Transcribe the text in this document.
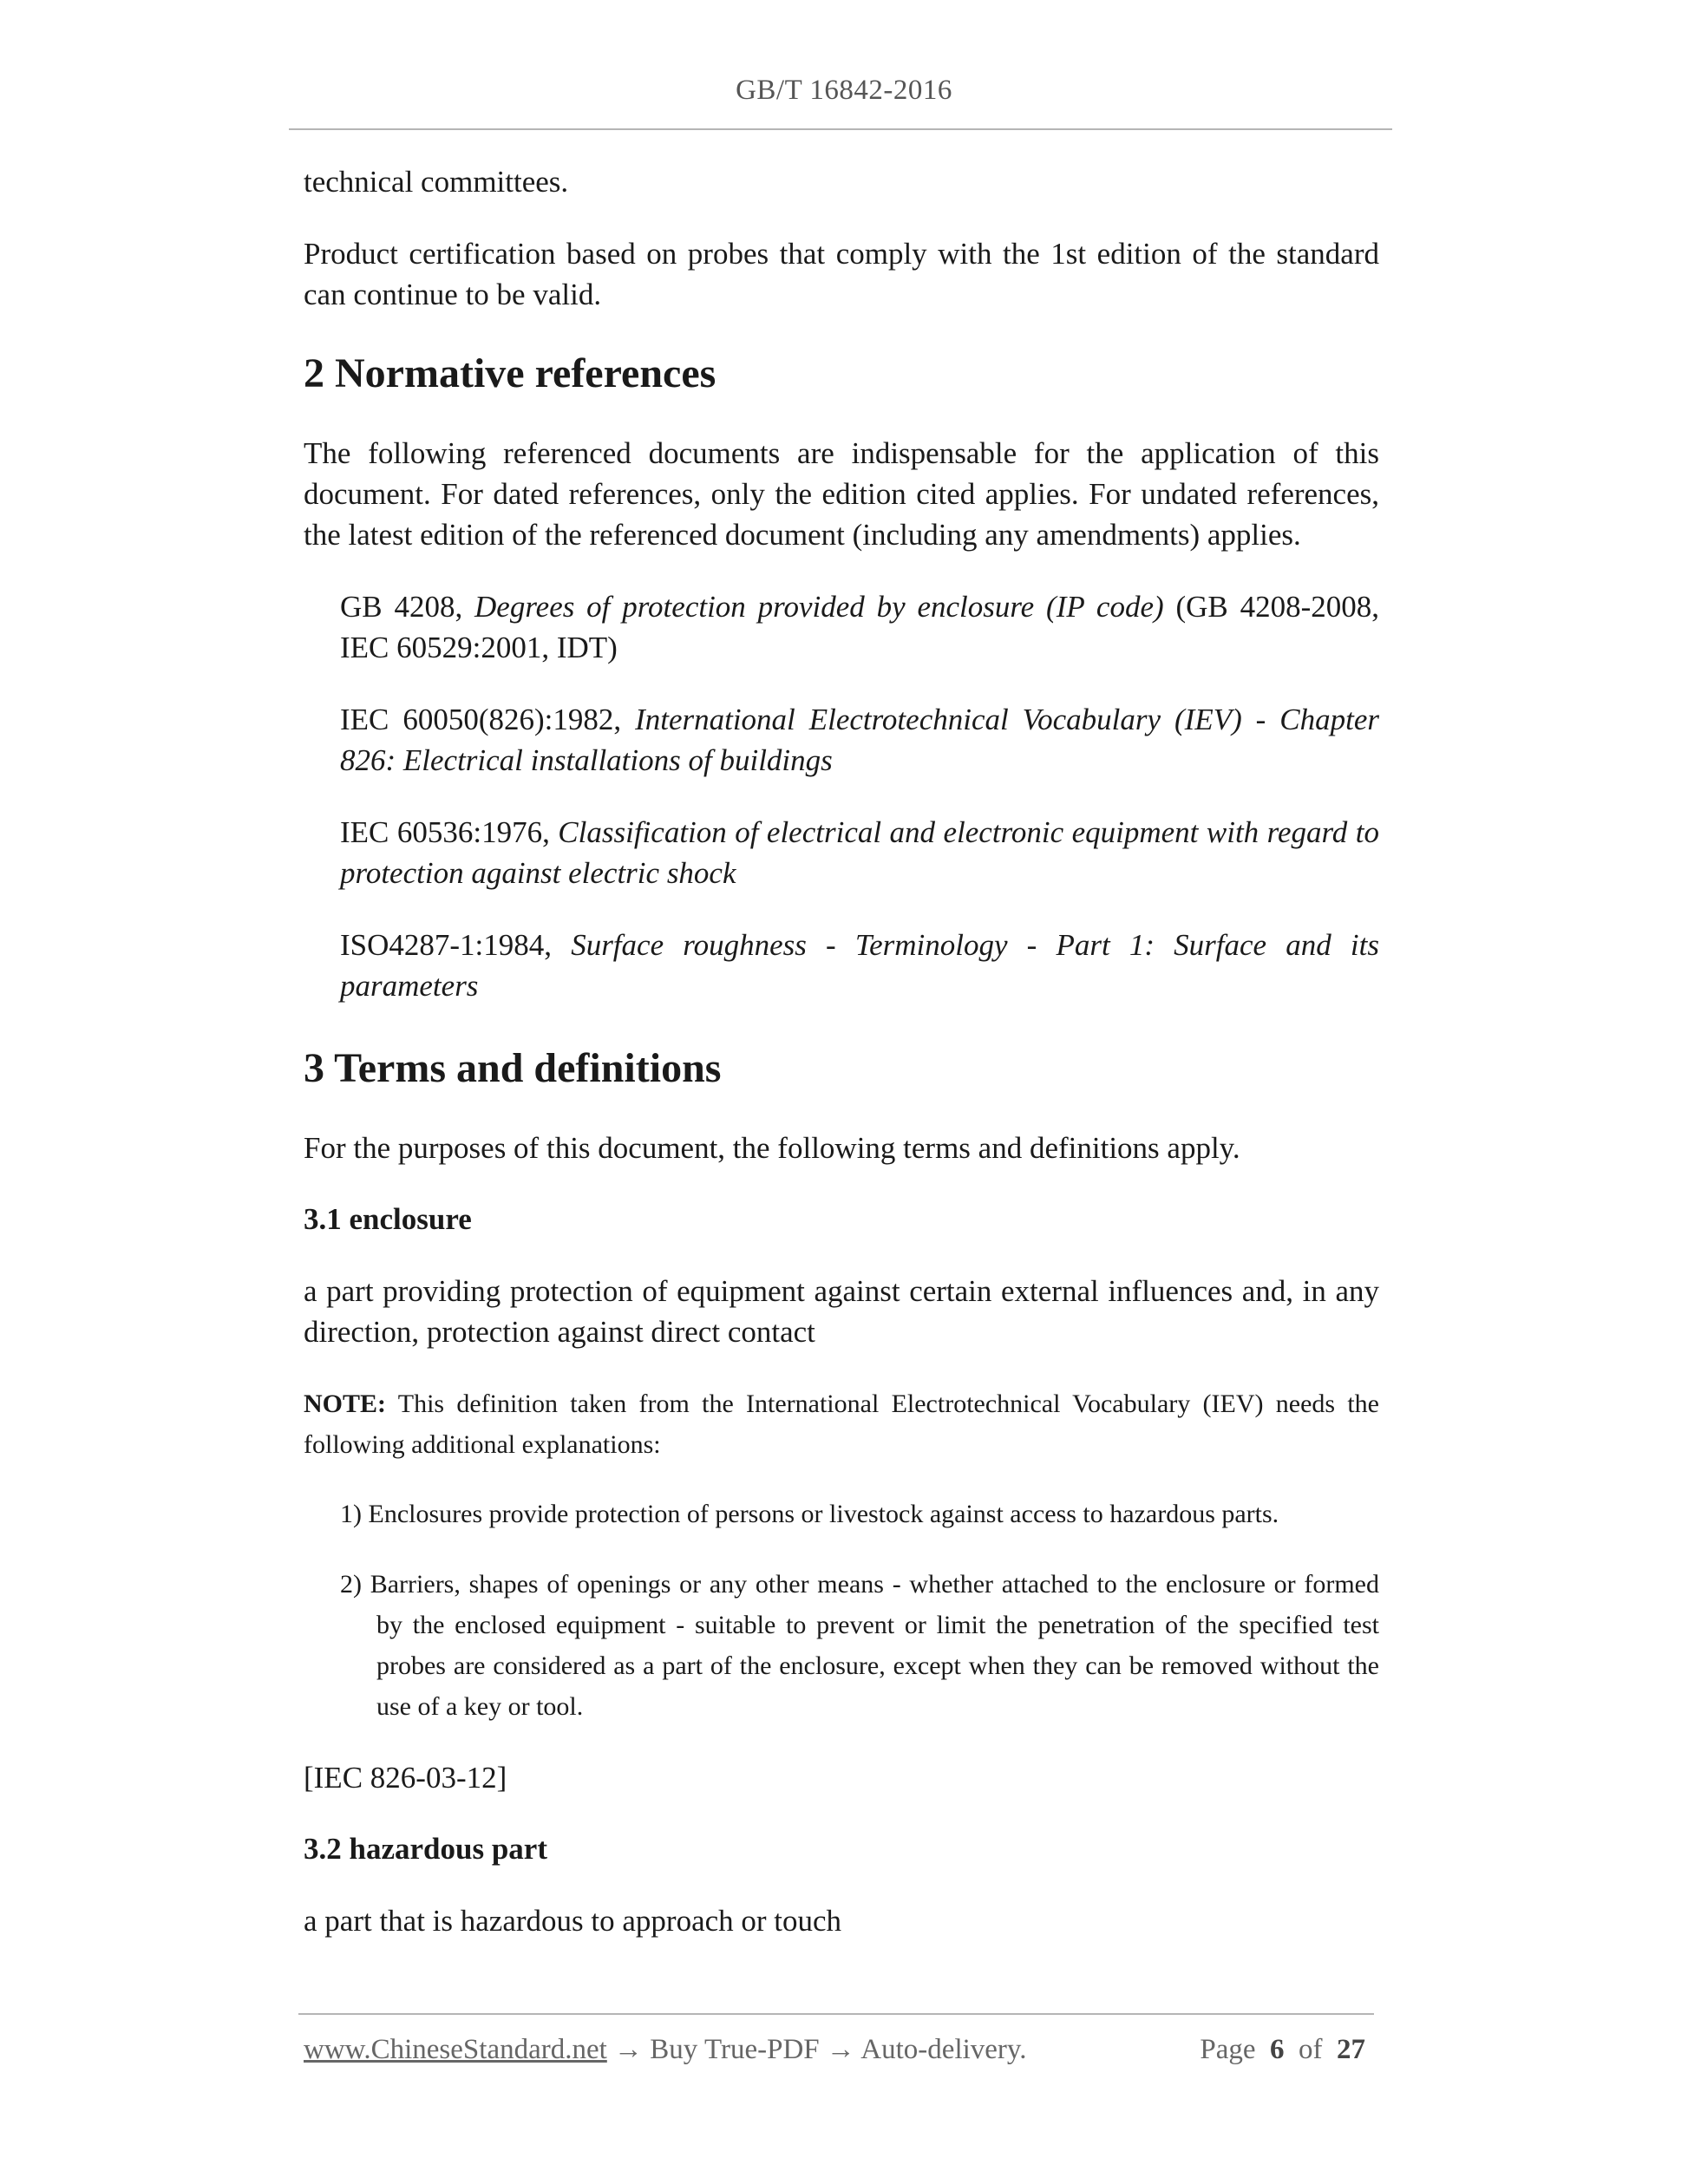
GB/T 16842-2016

technical committees.

Product certification based on probes that comply with the 1st edition of the standard can continue to be valid.

2 Normative references

The following referenced documents are indispensable for the application of this document. For dated references, only the edition cited applies. For undated references, the latest edition of the referenced document (including any amendments) applies.

GB 4208, Degrees of protection provided by enclosure (IP code) (GB 4208-2008, IEC 60529:2001, IDT)
IEC 60050(826):1982, International Electrotechnical Vocabulary (IEV) - Chapter 826: Electrical installations of buildings
IEC 60536:1976, Classification of electrical and electronic equipment with regard to protection against electric shock
ISO4287-1:1984, Surface roughness - Terminology - Part 1: Surface and its parameters
3 Terms and definitions

For the purposes of this document, the following terms and definitions apply.

3.1 enclosure

a part providing protection of equipment against certain external influences and, in any direction, protection against direct contact

NOTE: This definition taken from the International Electrotechnical Vocabulary (IEV) needs the following additional explanations:
1) Enclosures provide protection of persons or livestock against access to hazardous parts.
2) Barriers, shapes of openings or any other means - whether attached to the enclosure or formed by the enclosed equipment - suitable to prevent or limit the penetration of the specified test probes are considered as a part of the enclosure, except when they can be removed without the use of a key or tool.

[IEC 826-03-12]

3.2 hazardous part

a part that is hazardous to approach or touch

www.ChineseStandard.net → Buy True-PDF → Auto-delivery.	Page 6 of 27
